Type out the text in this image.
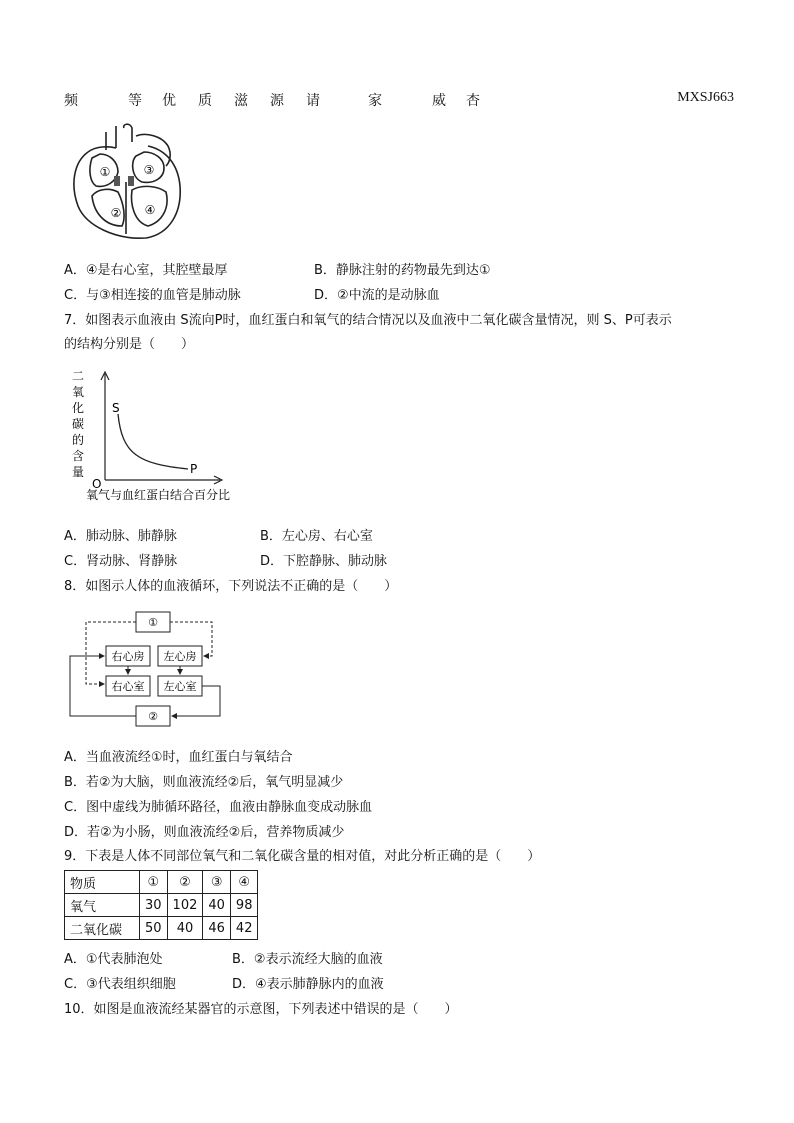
频	等 优 质 滋 源 请	家	威 杏	MXSJ663
①	③
② ④
A．④是右心室，其腔壁最厚	B．静脉注射的药物最先到达①
C．与③相连接的血管是肺动脉	D．②中流的是动脉血
7．如图表示血液由 S流向P时，血红蛋白和氧气的结合情况以及血液中二氧化碳含量情况，则 S、P可表示
的结构分别是（　　）
二
氧
化
碳
的
含
量
O
S
P
氧气与血红蛋白结合百分比
A．肺动脉、肺静脉	B．左心房、右心室
C．肾动脉、肾静脉	D．下腔静脉、肺动脉
8．如图示人体的血液循环，下列说法不正确的是（　　）
①
右心房 左心房
右心室 左心室
②
A．当血液流经①时，血红蛋白与氧结合
B．若②为大脑，则血液流经②后，氧气明显减少
C．图中虚线为肺循环路径，血液由静脉血变成动脉血
D．若②为小肠，则血液流经②后，营养物质减少
9．下表是人体不同部位氧气和二氧化碳含量的相对值，对此分析正确的是（　　）
物质	①	②	③	④
氧气	30	102	40	98
二氧化碳	50	40	46	42
A．①代表肺泡处	B．②表示流经大脑的血液
C．③代表组织细胞	D．④表示肺静脉内的血液
10．如图是血液流经某器官的示意图，下列表述中错误的是（　　）
